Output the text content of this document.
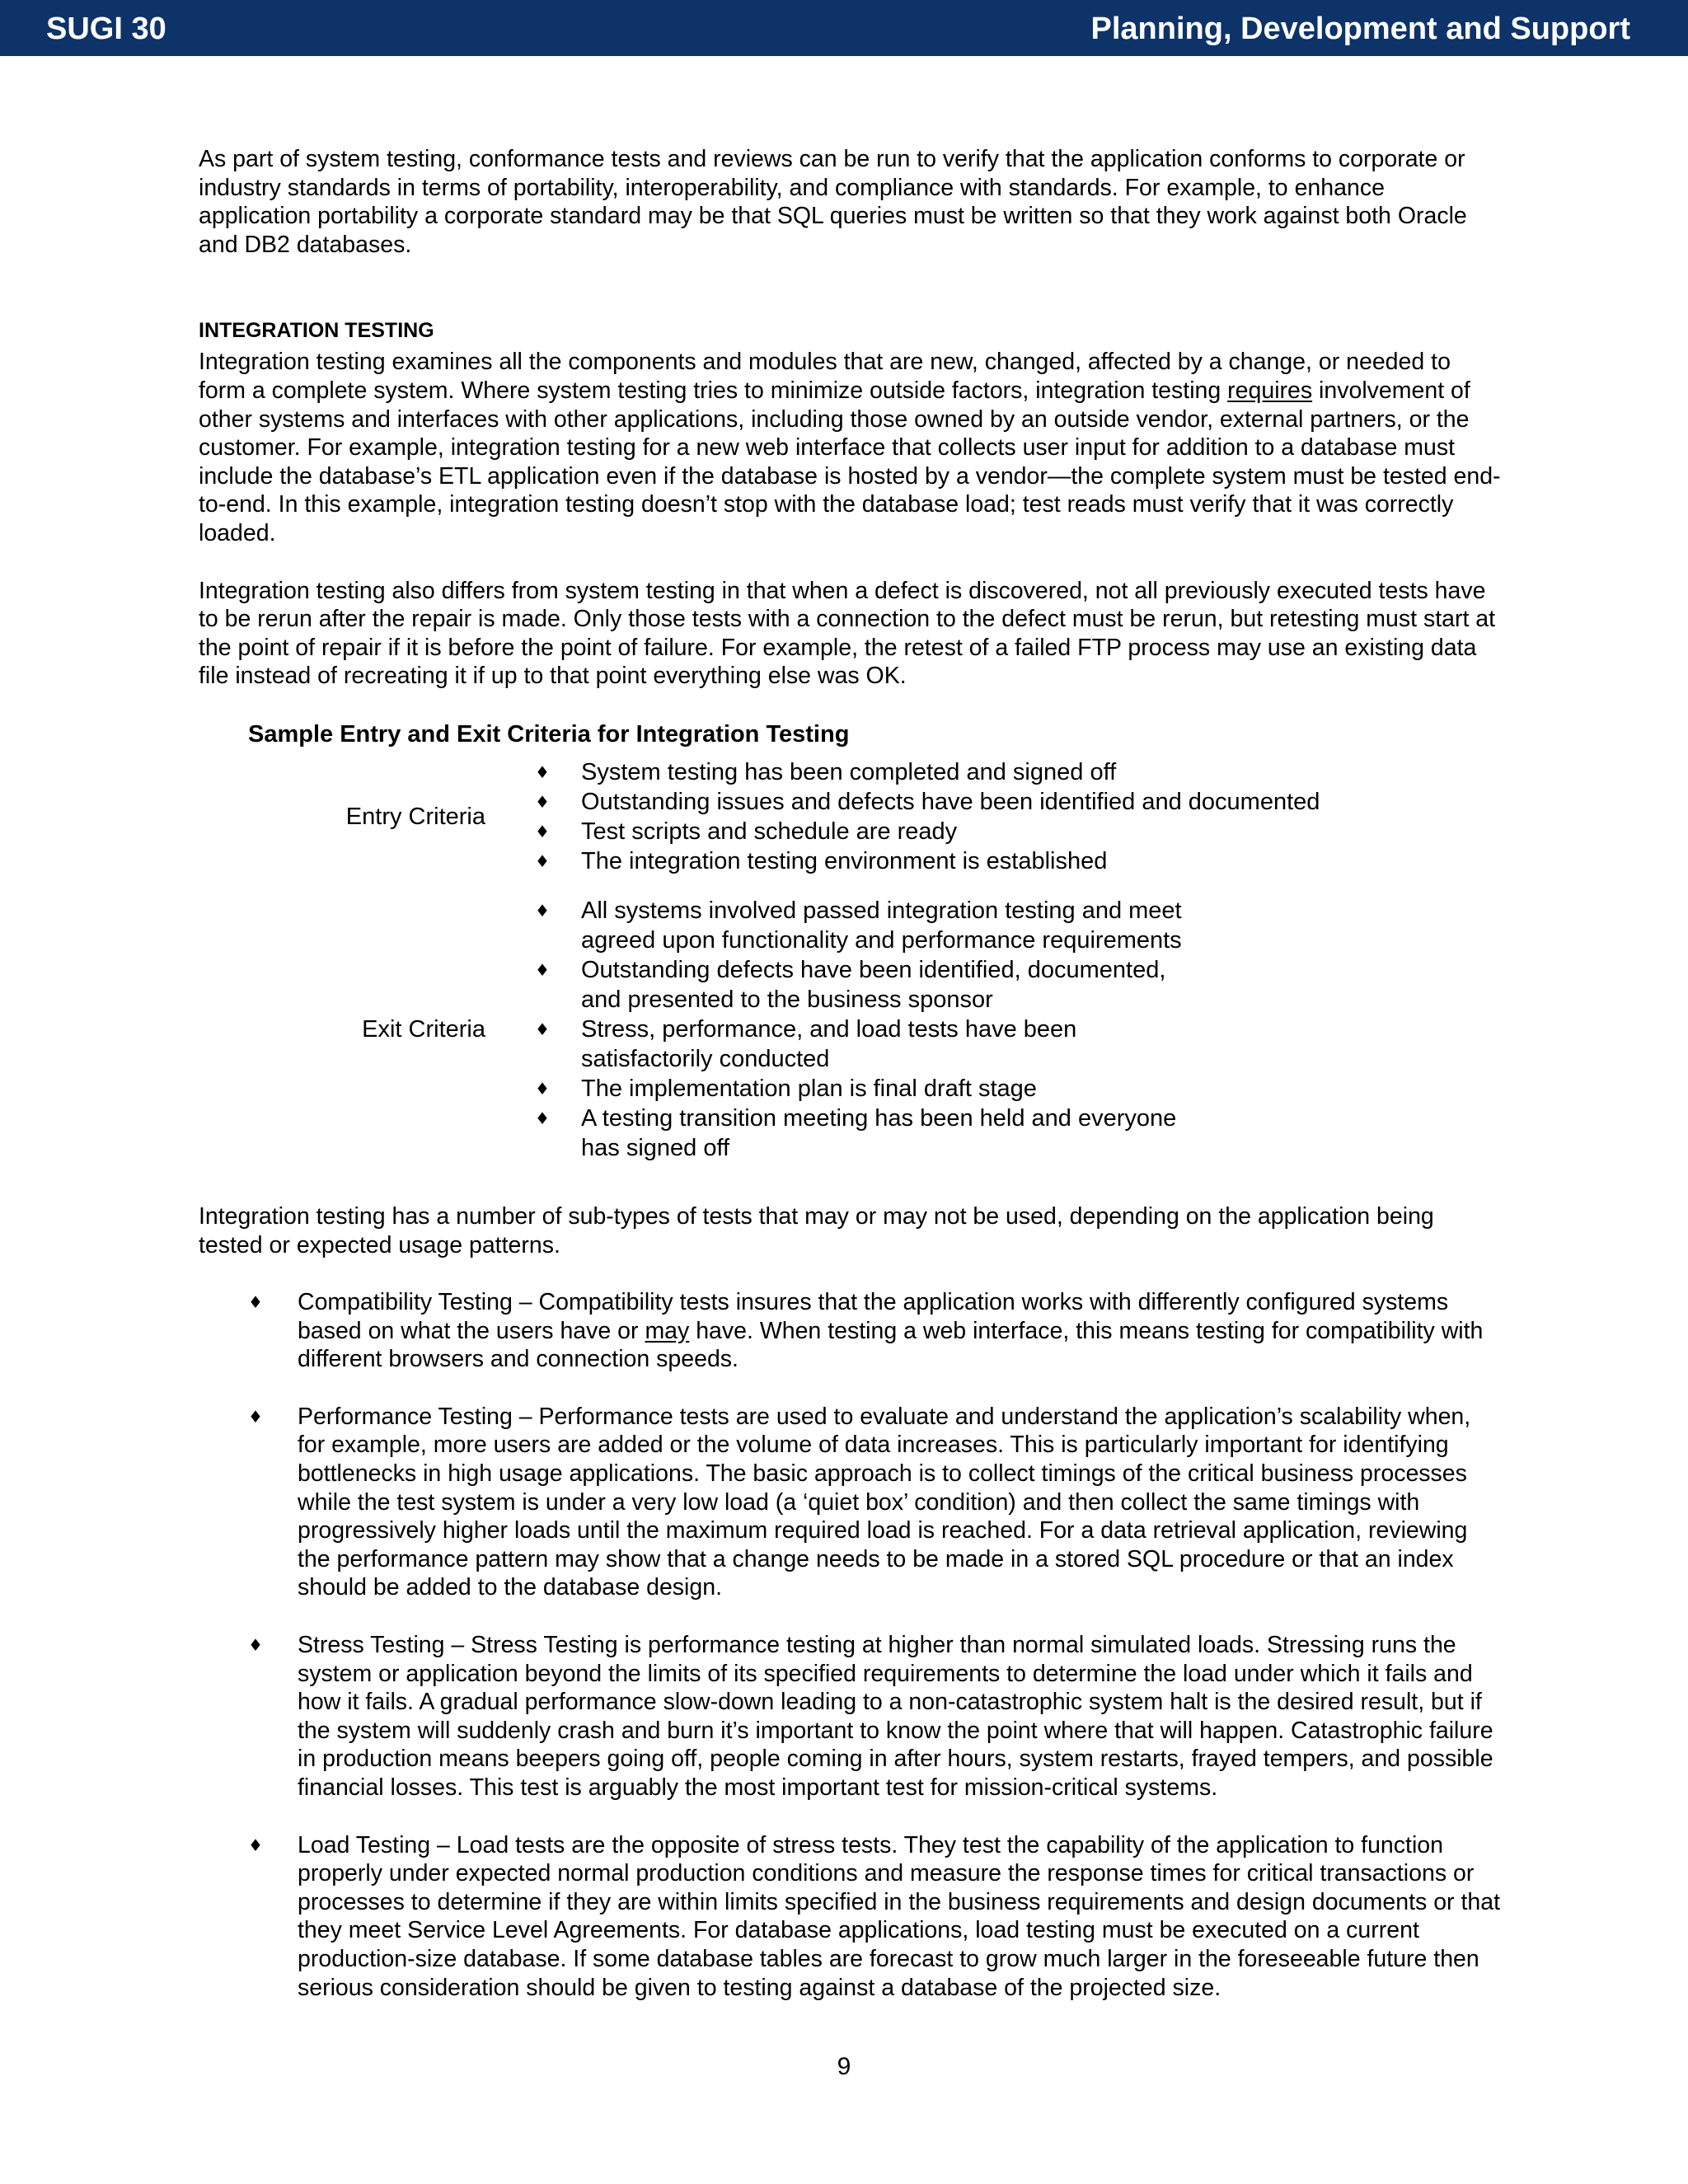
SUGI 30	Planning, Development and Support

As part of system testing, conformance tests and reviews can be run to verify that the application conforms to corporate or industry standards in terms of portability, interoperability, and compliance with standards. For example, to enhance application portability a corporate standard may be that SQL queries must be written so that they work against both Oracle and DB2 databases.

INTEGRATION TESTING

Integration testing examines all the components and modules that are new, changed, affected by a change, or needed to form a complete system. Where system testing tries to minimize outside factors, integration testing requires involvement of other systems and interfaces with other applications, including those owned by an outside vendor, external partners, or the customer. For example, integration testing for a new web interface that collects user input for addition to a database must include the database’s ETL application even if the database is hosted by a vendor—the complete system must be tested end-to-end. In this example, integration testing doesn’t stop with the database load; test reads must verify that it was correctly loaded.

Integration testing also differs from system testing in that when a defect is discovered, not all previously executed tests have to be rerun after the repair is made. Only those tests with a connection to the defect must be rerun, but retesting must start at the point of repair if it is before the point of failure. For example, the retest of a failed FTP process may use an existing data file instead of recreating it if up to that point everything else was OK.

Sample Entry and Exit Criteria for Integration Testing
Entry Criteria
♦ System testing has been completed and signed off
♦ Outstanding issues and defects have been identified and documented
♦ Test scripts and schedule are ready
♦ The integration testing environment is established
Exit Criteria
♦ All systems involved passed integration testing and meet agreed upon functionality and performance requirements
♦ Outstanding defects have been identified, documented, and presented to the business sponsor
♦ Stress, performance, and load tests have been satisfactorily conducted
♦ The implementation plan is final draft stage
♦ A testing transition meeting has been held and everyone has signed off

Integration testing has a number of sub-types of tests that may or may not be used, depending on the application being tested or expected usage patterns.

♦ Compatibility Testing – Compatibility tests insures that the application works with differently configured systems based on what the users have or may have. When testing a web interface, this means testing for compatibility with different browsers and connection speeds.
♦ Performance Testing – Performance tests are used to evaluate and understand the application’s scalability when, for example, more users are added or the volume of data increases. This is particularly important for identifying bottlenecks in high usage applications. The basic approach is to collect timings of the critical business processes while the test system is under a very low load (a ‘quiet box’ condition) and then collect the same timings with progressively higher loads until the maximum required load is reached. For a data retrieval application, reviewing the performance pattern may show that a change needs to be made in a stored SQL procedure or that an index should be added to the database design.
♦ Stress Testing – Stress Testing is performance testing at higher than normal simulated loads. Stressing runs the system or application beyond the limits of its specified requirements to determine the load under which it fails and how it fails. A gradual performance slow-down leading to a non-catastrophic system halt is the desired result, but if the system will suddenly crash and burn it’s important to know the point where that will happen. Catastrophic failure in production means beepers going off, people coming in after hours, system restarts, frayed tempers, and possible financial losses. This test is arguably the most important test for mission-critical systems.
♦ Load Testing – Load tests are the opposite of stress tests. They test the capability of the application to function properly under expected normal production conditions and measure the response times for critical transactions or processes to determine if they are within limits specified in the business requirements and design documents or that they meet Service Level Agreements. For database applications, load testing must be executed on a current production-size database. If some database tables are forecast to grow much larger in the foreseeable future then serious consideration should be given to testing against a database of the projected size.
9
